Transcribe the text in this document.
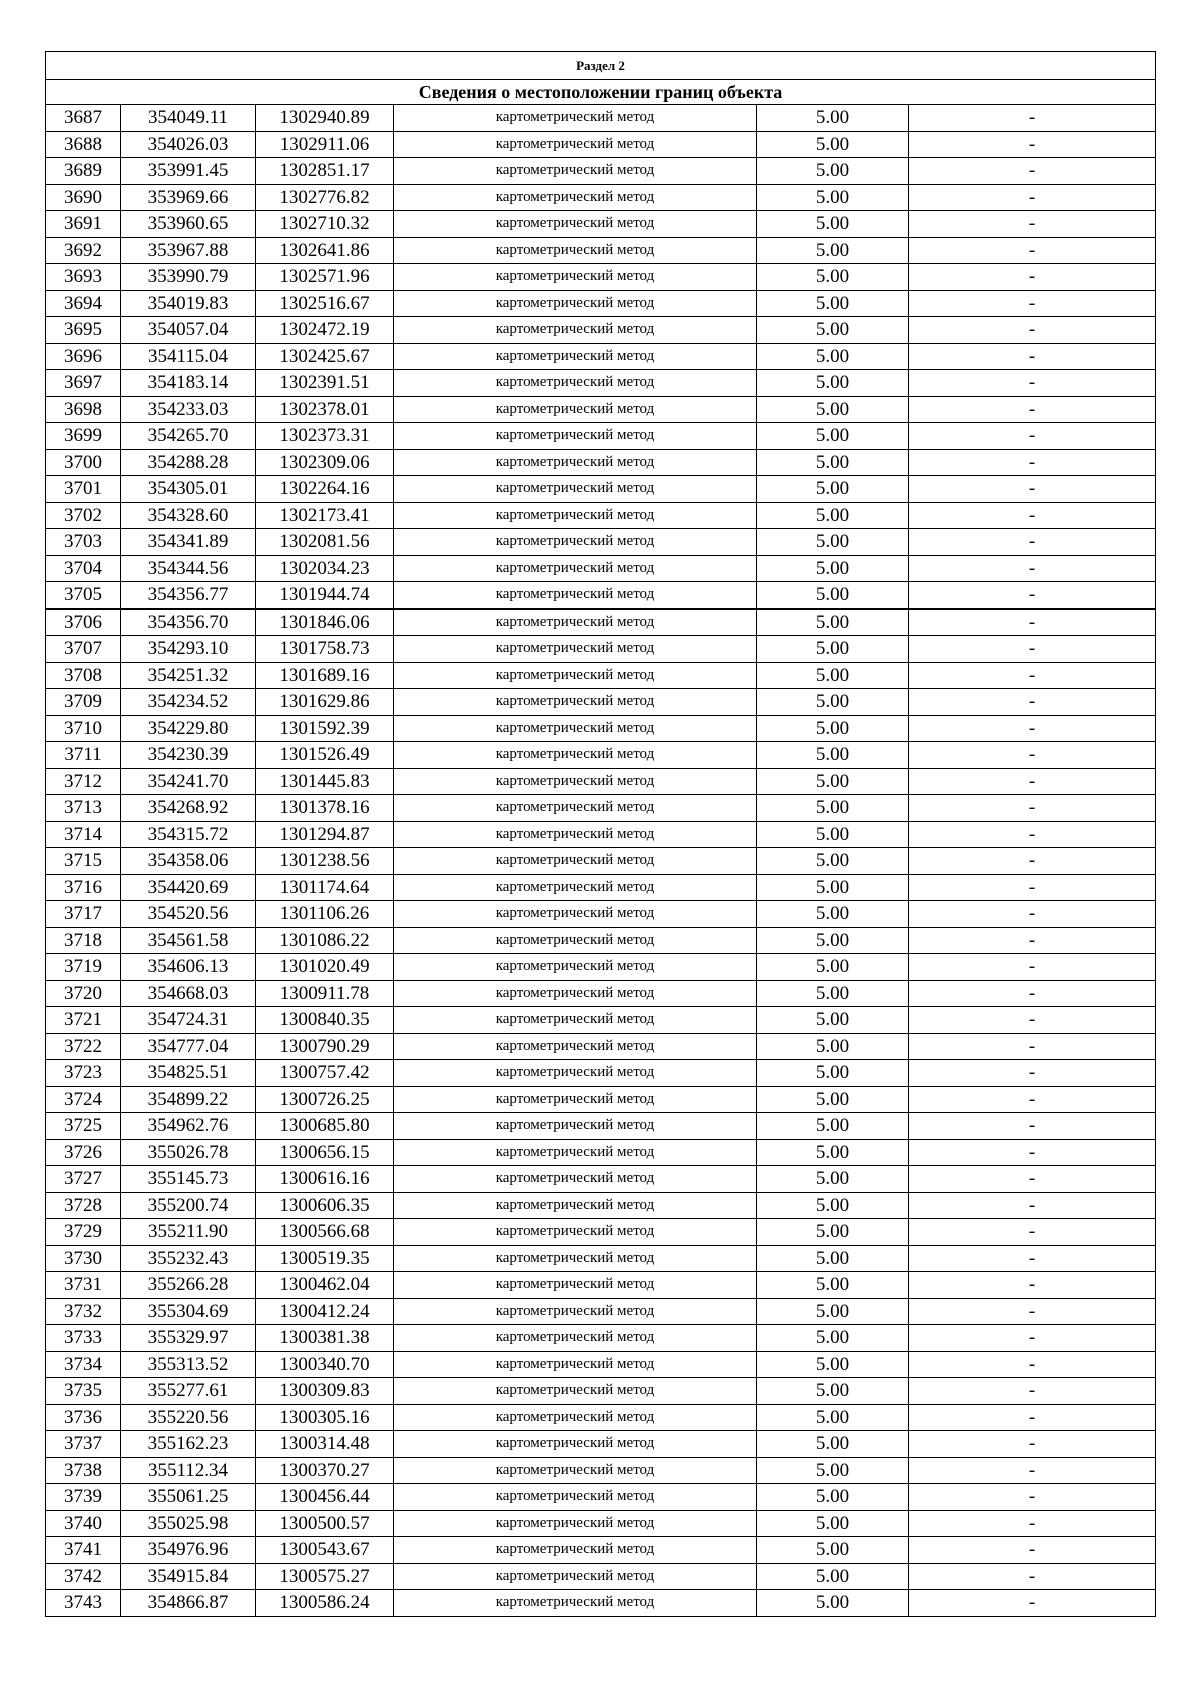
Раздел 2					
Сведения о местоположении границ объекта					
3687	354049.11	1302940.89	картометрический метод	5.00	-
3688	354026.03	1302911.06	картометрический метод	5.00	-
3689	353991.45	1302851.17	картометрический метод	5.00	-
3690	353969.66	1302776.82	картометрический метод	5.00	-
3691	353960.65	1302710.32	картометрический метод	5.00	-
3692	353967.88	1302641.86	картометрический метод	5.00	-
3693	353990.79	1302571.96	картометрический метод	5.00	-
3694	354019.83	1302516.67	картометрический метод	5.00	-
3695	354057.04	1302472.19	картометрический метод	5.00	-
3696	354115.04	1302425.67	картометрический метод	5.00	-
3697	354183.14	1302391.51	картометрический метод	5.00	-
3698	354233.03	1302378.01	картометрический метод	5.00	-
3699	354265.70	1302373.31	картометрический метод	5.00	-
3700	354288.28	1302309.06	картометрический метод	5.00	-
3701	354305.01	1302264.16	картометрический метод	5.00	-
3702	354328.60	1302173.41	картометрический метод	5.00	-
3703	354341.89	1302081.56	картометрический метод	5.00	-
3704	354344.56	1302034.23	картометрический метод	5.00	-
3705	354356.77	1301944.74	картометрический метод	5.00	-
3706	354356.70	1301846.06	картометрический метод	5.00	-
3707	354293.10	1301758.73	картометрический метод	5.00	-
3708	354251.32	1301689.16	картометрический метод	5.00	-
3709	354234.52	1301629.86	картометрический метод	5.00	-
3710	354229.80	1301592.39	картометрический метод	5.00	-
3711	354230.39	1301526.49	картометрический метод	5.00	-
3712	354241.70	1301445.83	картометрический метод	5.00	-
3713	354268.92	1301378.16	картометрический метод	5.00	-
3714	354315.72	1301294.87	картометрический метод	5.00	-
3715	354358.06	1301238.56	картометрический метод	5.00	-
3716	354420.69	1301174.64	картометрический метод	5.00	-
3717	354520.56	1301106.26	картометрический метод	5.00	-
3718	354561.58	1301086.22	картометрический метод	5.00	-
3719	354606.13	1301020.49	картометрический метод	5.00	-
3720	354668.03	1300911.78	картометрический метод	5.00	-
3721	354724.31	1300840.35	картометрический метод	5.00	-
3722	354777.04	1300790.29	картометрический метод	5.00	-
3723	354825.51	1300757.42	картометрический метод	5.00	-
3724	354899.22	1300726.25	картометрический метод	5.00	-
3725	354962.76	1300685.80	картометрический метод	5.00	-
3726	355026.78	1300656.15	картометрический метод	5.00	-
3727	355145.73	1300616.16	картометрический метод	5.00	-
3728	355200.74	1300606.35	картометрический метод	5.00	-
3729	355211.90	1300566.68	картометрический метод	5.00	-
3730	355232.43	1300519.35	картометрический метод	5.00	-
3731	355266.28	1300462.04	картометрический метод	5.00	-
3732	355304.69	1300412.24	картометрический метод	5.00	-
3733	355329.97	1300381.38	картометрический метод	5.00	-
3734	355313.52	1300340.70	картометрический метод	5.00	-
3735	355277.61	1300309.83	картометрический метод	5.00	-
3736	355220.56	1300305.16	картометрический метод	5.00	-
3737	355162.23	1300314.48	картометрический метод	5.00	-
3738	355112.34	1300370.27	картометрический метод	5.00	-
3739	355061.25	1300456.44	картометрический метод	5.00	-
3740	355025.98	1300500.57	картометрический метод	5.00	-
3741	354976.96	1300543.67	картометрический метод	5.00	-
3742	354915.84	1300575.27	картометрический метод	5.00	-
3743	354866.87	1300586.24	картометрический метод	5.00	-
